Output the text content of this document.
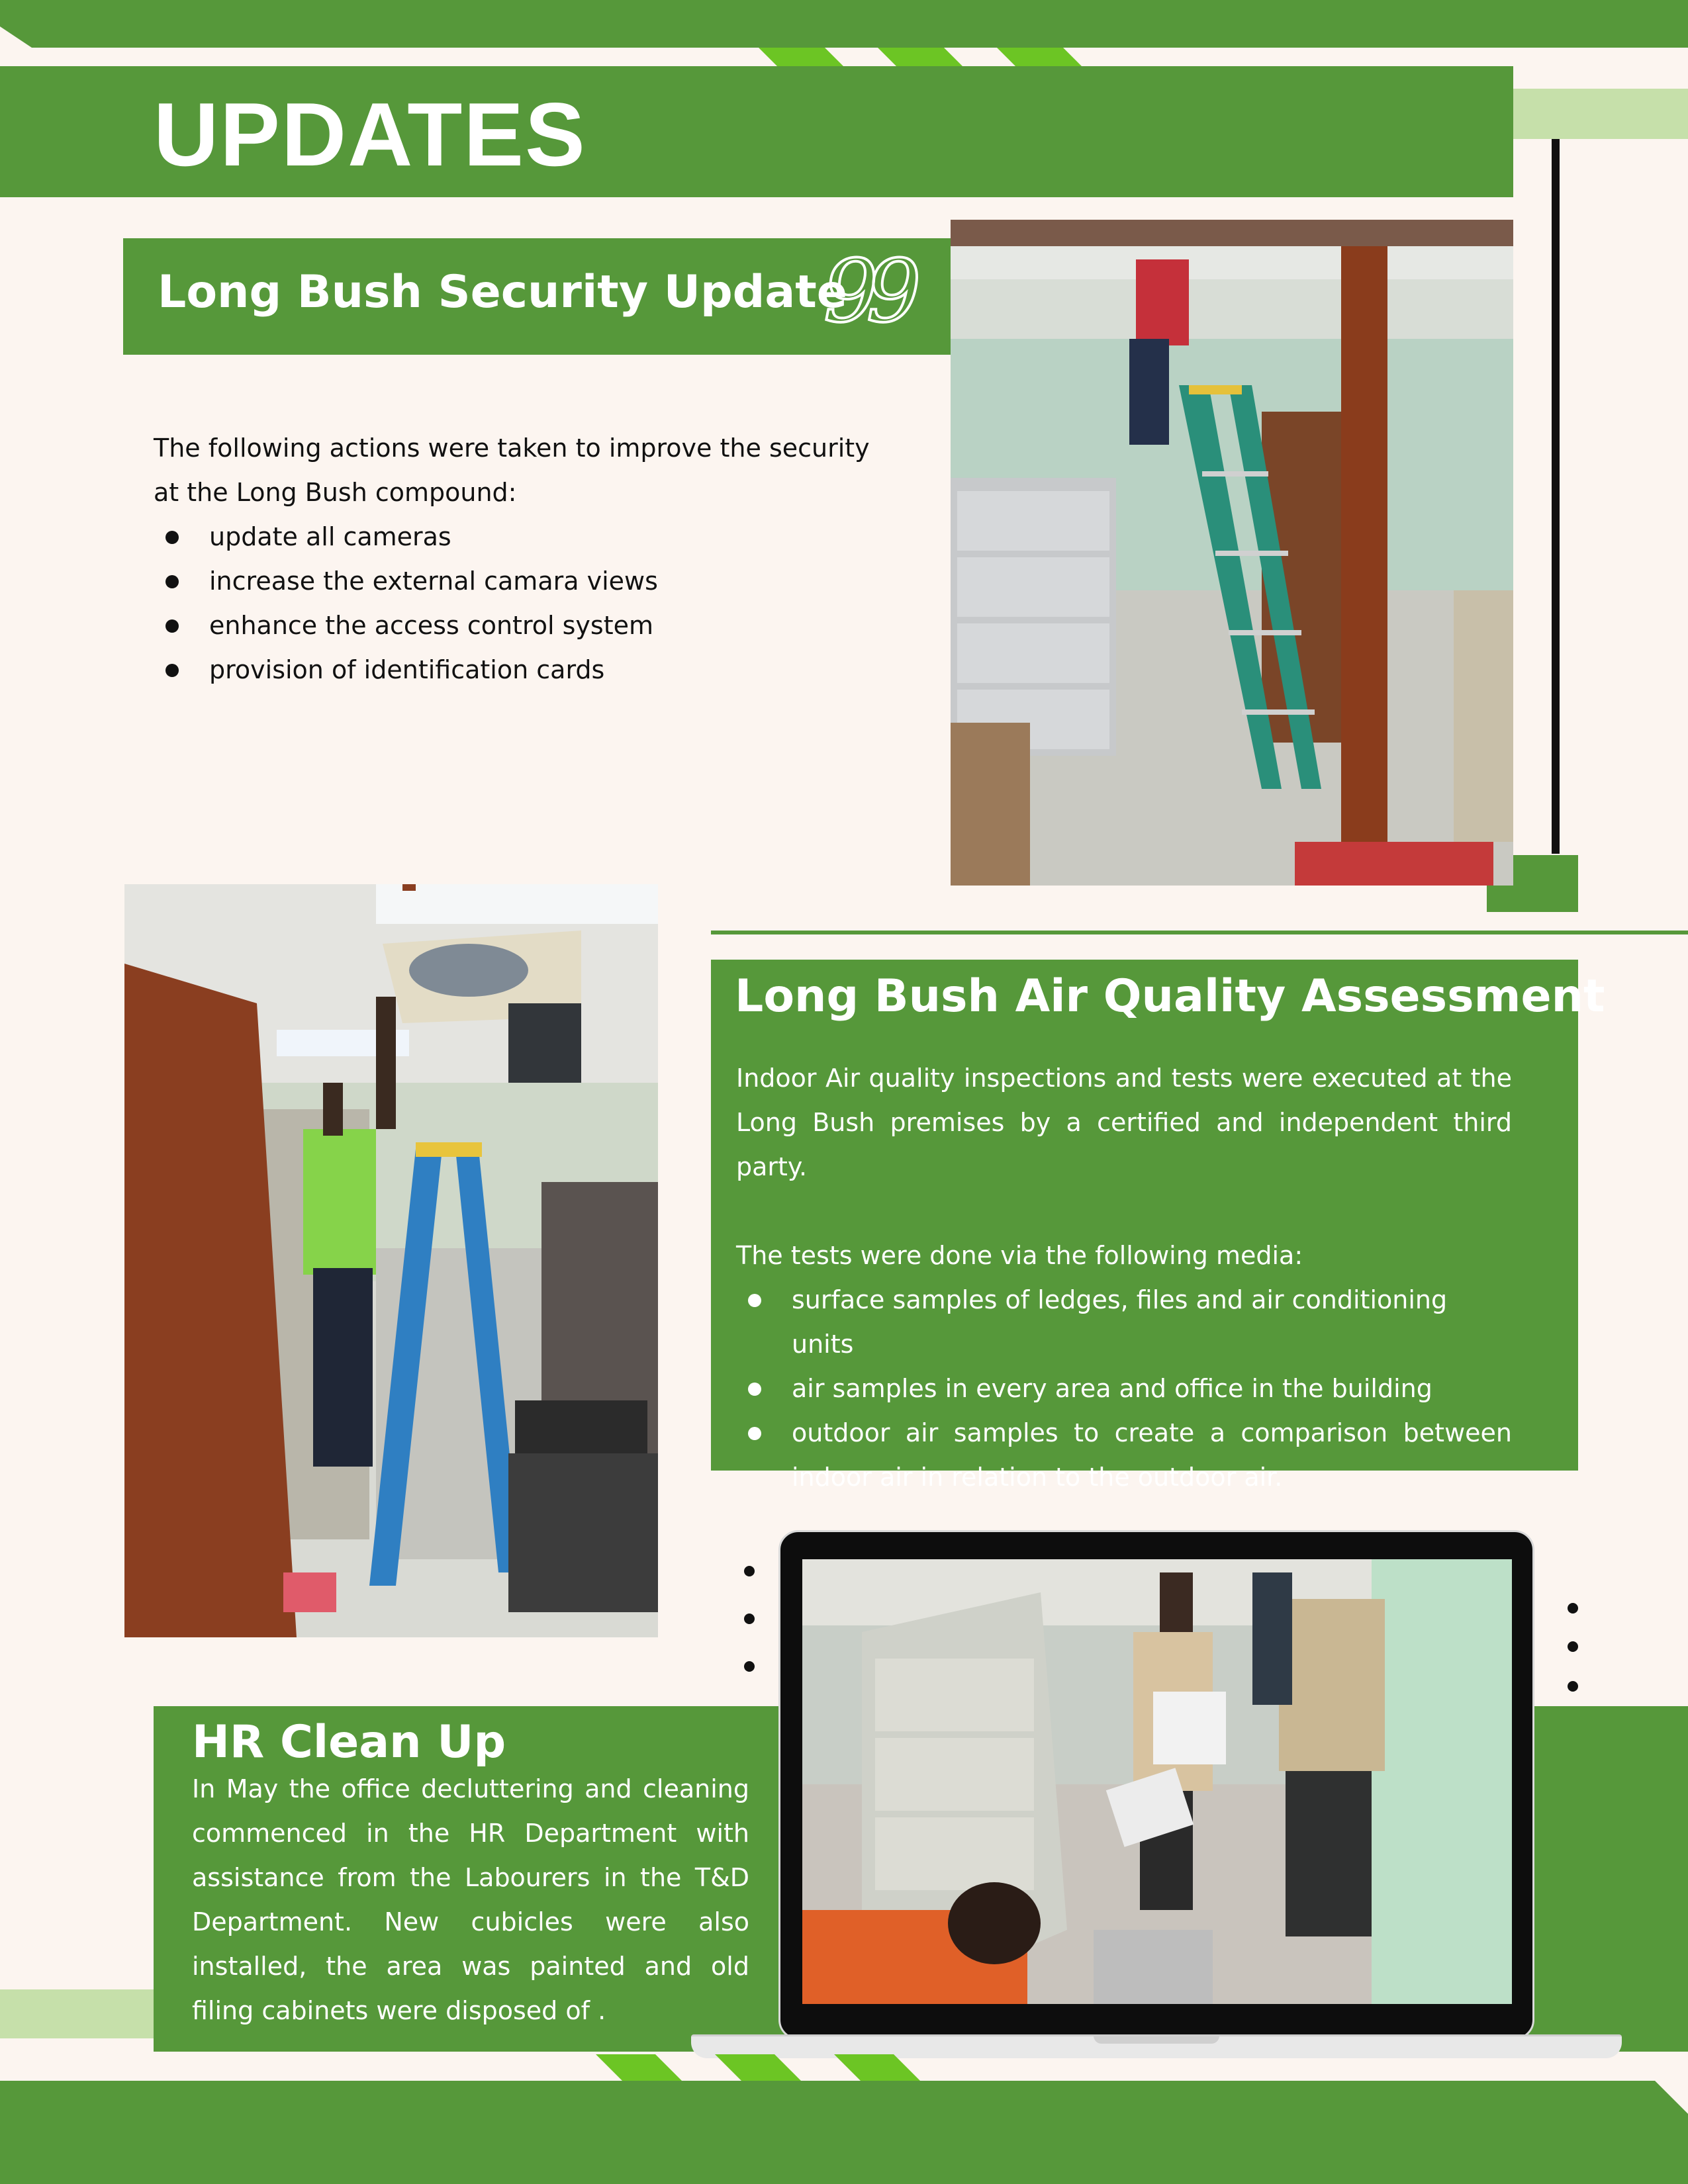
UPDATES
Long Bush Security Update
99

The following actions were taken to improve the security at the Long Bush compound:

update all cameras
increase the external camara views
enhance the access control system
provision of identification cards
Long Bush Air Quality Assessment

Indoor Air quality inspections and tests were executed at the Long Bush premises by a certified and independent third party.

The tests were done via the following media:

surface samples of ledges, files and air conditioning units
air samples in every area and office in the building
outdoor air samples to create a comparison between indoor air in relation to the outdoor air.
HR Clean Up
In May the office decluttering and cleaning commenced in the HR Department with assistance from the Labourers in the T&D Department. New cubicles were also installed, the area was painted and old filing cabinets were disposed of .
